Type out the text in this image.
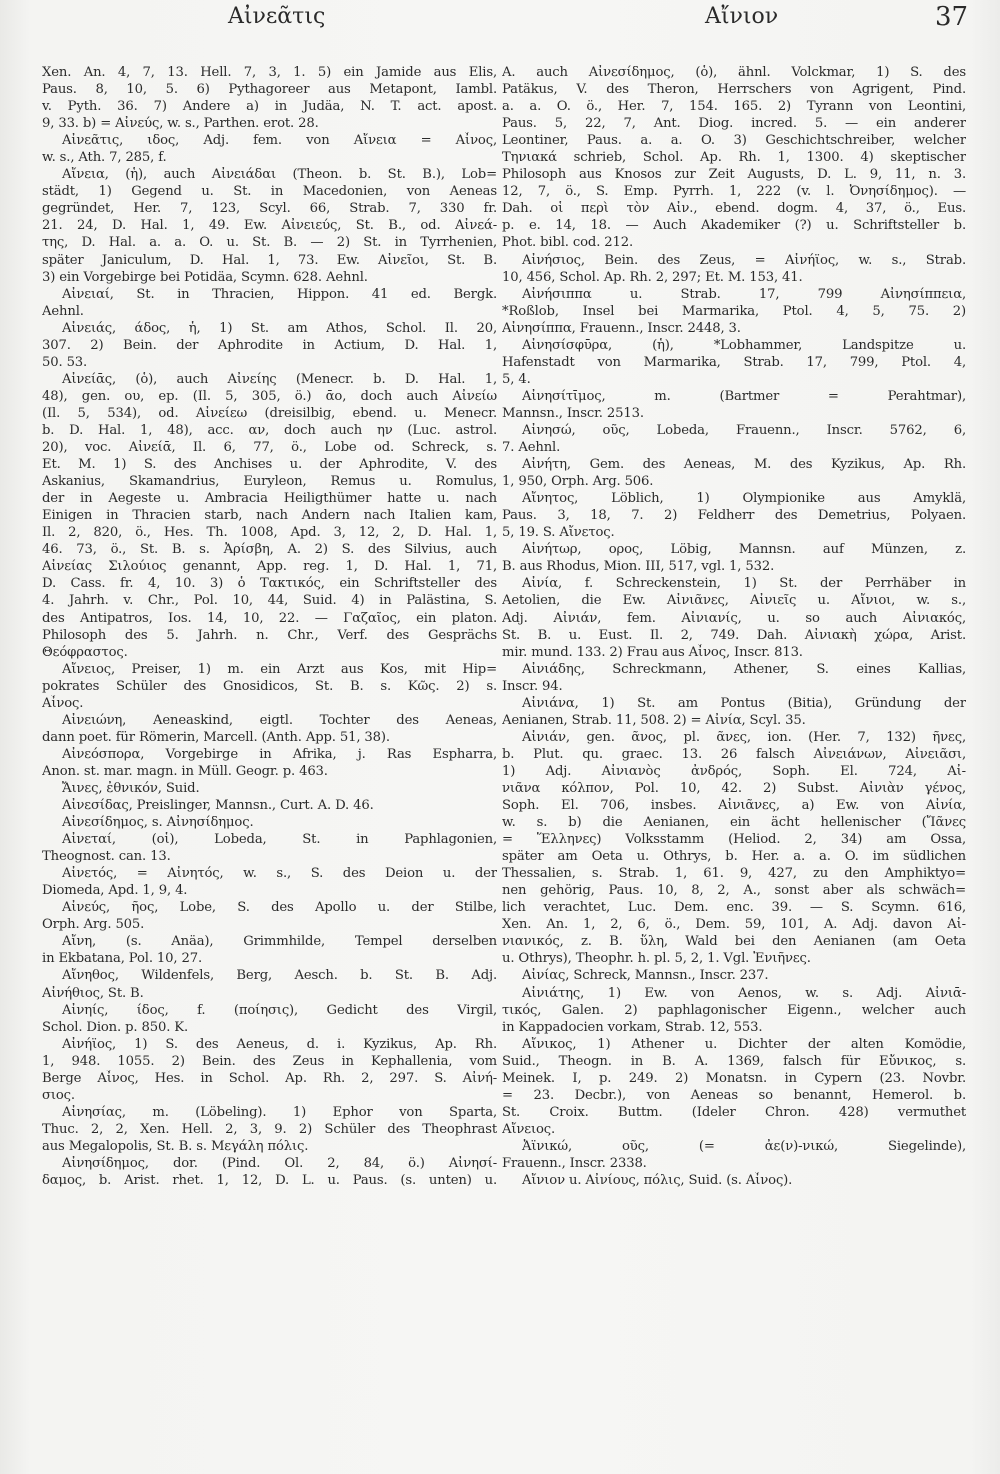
Αἰνεᾶτις	Αἴνιον	37
Xen. An. 4, 7, 13. Hell. 7, 3, 1. 5) ein Jamide aus Elis,
Paus. 8, 10, 5. 6) Pythagoreer aus Metapont, Iambl.
v. Pyth. 36. 7) Andere a) in Judäa, N. T. act. apost.
9, 33. b) = Αἰνεύς, w. s., Parthen. erot. 28.
Αἰνεᾶτις, ιδος, Adj. fem. von Αἴνεια = Αἶνος,
w. s., Ath. 7, 285, f.
Αἴνεια, (ἡ), auch Αἰνειάδαι (Theon. b. St. B.), Lob=
städt, 1) Gegend u. St. in Macedonien, von Aeneas
gegründet, Her. 7, 123, Scyl. 66, Strab. 7, 330 fr.
21. 24, D. Hal. 1, 49. Ew. Αἰνειεύς, St. B., od. Αἰνεά-
της, D. Hal. a. a. O. u. St. B. — 2) St. in Tyrrhenien,
später Janiculum, D. Hal. 1, 73. Ew. Αἰνεῖοι, St. B.
3) ein Vorgebirge bei Potidäa, Scymn. 628. Aehnl.
Αἰνειαί, St. in Thracien, Hippon. 41 ed. Bergk.
Aehnl.
Αἰνειάς, άδος, ἡ, 1) St. am Athos, Schol. Il. 20,
307. 2) Bein. der Aphrodite in Actium, D. Hal. 1,
50. 53.
Αἰνείᾱς, (ὁ), auch Αἰνείης (Menecr. b. D. Hal. 1,
48), gen. ου, ep. (Il. 5, 305, ö.) ᾱο, doch auch Αἰνείω
(Il. 5, 534), od. Αἰνείεω (dreisilbig, ebend. u. Menecr.
b. D. Hal. 1, 48), acc. αν, doch auch ην (Luc. astrol.
20), voc. Αἰνείᾱ, Il. 6, 77, ö., Lobe od. Schreck, s.
Et. M. 1) S. des Anchises u. der Aphrodite, V. des
Askanius, Skamandrius, Euryleon, Remus u. Romulus,
der in Aegeste u. Ambracia Heiligthümer hatte u. nach
Einigen in Thracien starb, nach Andern nach Italien kam,
Il. 2, 820, ö., Hes. Th. 1008, Apd. 3, 12, 2, D. Hal. 1,
46. 73, ö., St. B. s. Ἀρίσβη, A. 2) S. des Silvius, auch
Αἰνείας Σιλούιος genannt, App. reg. 1, D. Hal. 1, 71,
D. Cass. fr. 4, 10. 3) ὁ Τακτικός, ein Schriftsteller des
4. Jahrh. v. Chr., Pol. 10, 44, Suid. 4) in Palästina, S.
des Antipatros, Ios. 14, 10, 22. — Γαζαῖος, ein platon.
Philosoph des 5. Jahrh. n. Chr., Verf. des Gesprächs
Θεόφραστος.
Αἴνειος, Preiser, 1) m. ein Arzt aus Kos, mit Hip=
pokrates Schüler des Gnosidicos, St. B. s. Κῶς. 2) s.
Αἶνος.
Αἰνειώνη, Aeneaskind, eigtl. Tochter des Aeneas,
dann poet. für Römerin, Marcell. (Anth. App. 51, 38).
Αἰνεόσπορα, Vorgebirge in Afrika, j. Ras Espharra,
Anon. st. mar. magn. in Müll. Geogr. p. 463.
Ἄινες, ἐθνικόν, Suid.
Αἰνεσίδας, Preislinger, Mannsn., Curt. A. D. 46.
Αἰνεσίδημος, s. Αἰνησίδημος.
Αἰνεταί, (οἱ), Lobeda, St. in Paphlagonien,
Theognost. can. 13.
Αἰνετός, = Αἰνητός, w. s., S. des Deion u. der
Diomeda, Apd. 1, 9, 4.
Αἰνεύς, ῆος, Lobe, S. des Apollo u. der Stilbe,
Orph. Arg. 505.
Αἴνη, (s. Anäa), Grimmhilde, Tempel derselben
in Ekbatana, Pol. 10, 27.
Αἴνηθος, Wildenfels, Berg, Aesch. b. St. B. Adj.
Αἰνήθιος, St. B.
Αἰνηίς, ίδος, f. (ποίησις), Gedicht des Virgil,
Schol. Dion. p. 850. K.
Αἰνήϊος, 1) S. des Aeneus, d. i. Kyzikus, Ap. Rh.
1, 948. 1055. 2) Bein. des Zeus in Kephallenia, vom
Berge Αἶνος, Hes. in Schol. Ap. Rh. 2, 297. S. Αἰνή-
σιος.
Αἰνησίας, m. (Löbeling). 1) Ephor von Sparta,
Thuc. 2, 2, Xen. Hell. 2, 3, 9. 2) Schüler des Theophrast
aus Megalopolis, St. B. s. Μεγάλη πόλις.
Αἰνησίδημος, dor. (Pind. Ol. 2, 84, ö.) Αἰνησί-
δαμος, b. Arist. rhet. 1, 12, D. L. u. Paus. (s. unten) u.
A. auch Αἰνεσίδημος, (ὁ), ähnl. Volckmar, 1) S. des
Patäkus, V. des Theron, Herrschers von Agrigent, Pind.
a. a. O. ö., Her. 7, 154. 165. 2) Tyrann von Leontini,
Paus. 5, 22, 7, Ant. Diog. incred. 5. — ein anderer
Leontiner, Paus. a. a. O. 3) Geschichtschreiber, welcher
Τηνιακά schrieb, Schol. Ap. Rh. 1, 1300. 4) skeptischer
Philosoph aus Knosos zur Zeit Augusts, D. L. 9, 11, n. 3.
12, 7, ö., S. Emp. Pyrrh. 1, 222 (v. l. Ὀνησίδημος). —
Dah. οἱ περὶ τὸν Αἰν., ebend. dogm. 4, 37, ö., Eus.
p. e. 14, 18. — Auch Akademiker (?) u. Schriftsteller b.
Phot. bibl. cod. 212.
Αἰνήσιος, Bein. des Zeus, = Αἰνήϊος, w. s., Strab.
10, 456, Schol. Ap. Rh. 2, 297; Et. M. 153, 41.
Αἰνήσιππα u. Strab. 17, 799 Αἰνησίππεια,
*Roßlob, Insel bei Marmarika, Ptol. 4, 5, 75. 2)
Αἰνησίππα, Frauenn., Inscr. 2448, 3.
Αἰνησίσφῡρα, (ἡ), *Lobhammer, Landspitze u.
Hafenstadt von Marmarika, Strab. 17, 799, Ptol. 4,
5, 4.
Αἰνησίτῑμος, m. (Bartmer = Perahtmar),
Mannsn., Inscr. 2513.
Αἰνησώ, οῦς, Lobeda, Frauenn., Inscr. 5762, 6,
7. Aehnl.
Αἰνήτη, Gem. des Aeneas, M. des Kyzikus, Ap. Rh.
1, 950, Orph. Arg. 506.
Αἴνητος, Löblich, 1) Olympionike aus Amyklä,
Paus. 3, 18, 7. 2) Feldherr des Demetrius, Polyaen.
5, 19. S. Αἴνετος.
Αἰνήτωρ, ορος, Löbig, Mannsn. auf Münzen, z.
B. aus Rhodus, Mion. III, 517, vgl. 1, 532.
Αἰνία, f. Schreckenstein, 1) St. der Perrhäber in
Aetolien, die Ew. Αἰνιᾶνες, Αἰνιεῖς u. Αἴνιοι, w. s.,
Adj. Αἰνιάν, fem. Αἰνιανίς, u. so auch Αἰνιακός,
St. B. u. Eust. Il. 2, 749. Dah. Αἰνιακὴ χώρα, Arist.
mir. mund. 133. 2) Frau aus Αἶνος, Inscr. 813.
Αἰνιάδης, Schreckmann, Athener, S. eines Kallias,
Inscr. 94.
Αἰνιάνα, 1) St. am Pontus (Bitia), Gründung der
Aenianen, Strab. 11, 508. 2) = Αἰνία, Scyl. 35.
Αἰνιάν, gen. ᾶνος, pl. ᾶνες, ion. (Her. 7, 132) ῆνες,
b. Plut. qu. graec. 13. 26 falsch Αἰνειάνων, Αἰνειᾶσι,
1) Adj. Αἰνιανὸς ἀνδρός, Soph. El. 724, Αἰ-
νιᾶνα κόλπον, Pol. 10, 42. 2) Subst. Αἰνιὰν γένος,
Soph. El. 706, insbes. Αἰνιᾶνες, a) Ew. von Αἰνία,
w. s. b) die Aenianen, ein ächt hellenischer (Ἴᾶνες
= Ἕλληνες) Volksstamm (Heliod. 2, 34) am Ossa,
später am Oeta u. Othrys, b. Her. a. a. O. im südlichen
Thessalien, s. Strab. 1, 61. 9, 427, zu den Amphiktyo=
nen gehörig, Paus. 10, 8, 2, A., sonst aber als schwäch=
lich verachtet, Luc. Dem. enc. 39. — S. Scymn. 616,
Xen. An. 1, 2, 6, ö., Dem. 59, 101, A. Adj. davon Αἰ-
νιανικός, z. B. ὕλη, Wald bei den Aenianen (am Oeta
u. Othrys), Theophr. h. pl. 5, 2, 1. Vgl. Ἐνιῆνες.
Αἰνίας, Schreck, Mannsn., Inscr. 237.
Αἰνιάτης, 1) Ew. von Aenos, w. s. Adj. Αἰνιᾱ-
τικός, Galen. 2) paphlagonischer Eigenn., welcher auch
in Kappadocien vorkam, Strab. 12, 553.
Αἴνικος, 1) Athener u. Dichter der alten Komödie,
Suid., Theogn. in B. A. 1369, falsch für Εὔνικος, s.
Meinek. I, p. 249. 2) Monatsn. in Cypern (23. Novbr.
= 23. Decbr.), von Aeneas so benannt, Hemerol. b.
St. Croix. Buttm. (Ideler Chron. 428) vermuthet
Αἴνειος.
Ἀϊνικώ, οῦς, (= ἀε(ν)-νικώ, Siegelinde),
Frauenn., Inscr. 2338.
Αἴνιον u. Αἰνίους, πόλις, Suid. (s. Αἶνος).
